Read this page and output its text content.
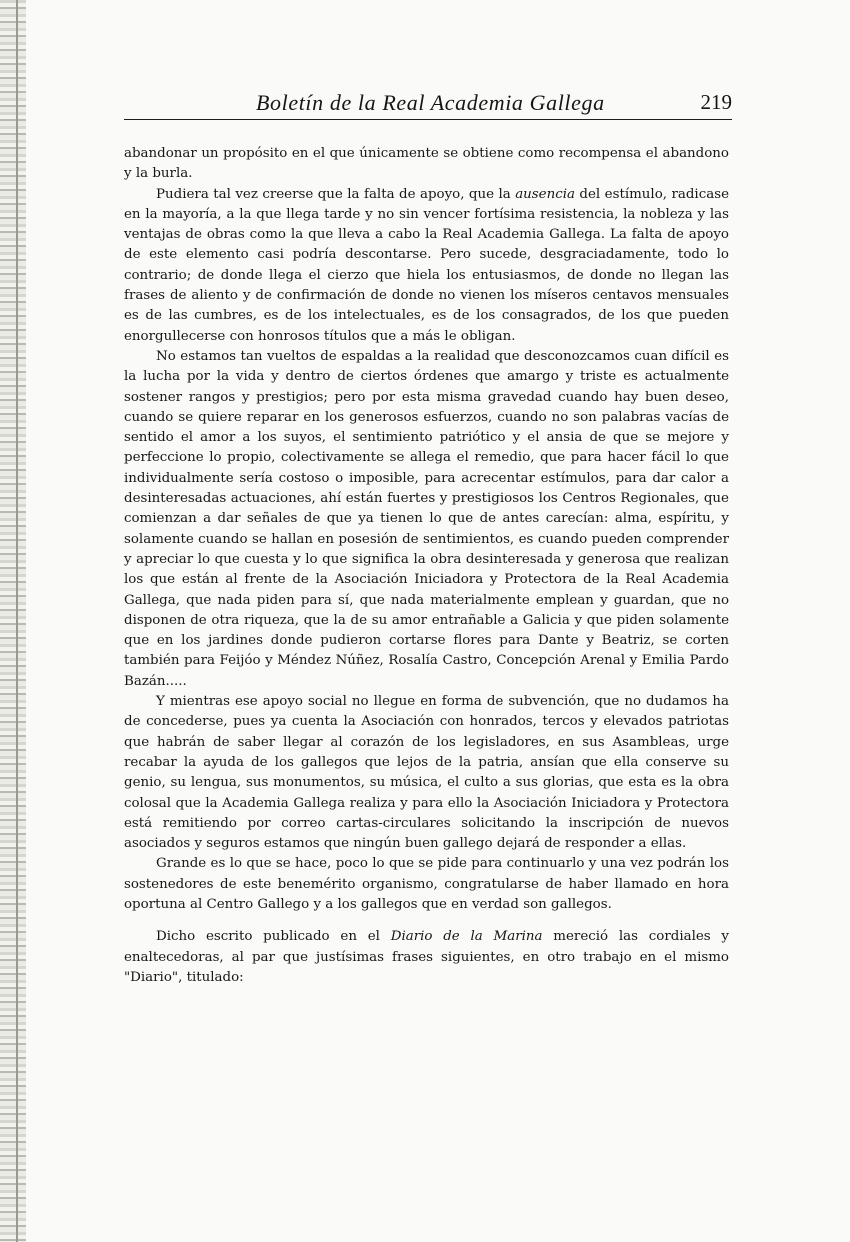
Boletín de la Real Academia Gallega	219

abandonar un propósito en el que únicamente se obtiene como recompensa el abandono y la burla.

Pudiera tal vez creerse que la falta de apoyo, que la ausencia del estímulo, radicase en la mayoría, a la que llega tarde y no sin vencer fortísima resistencia, la nobleza y las ventajas de obras como la que lleva a cabo la Real Academia Gallega. La falta de apoyo de este elemento casi podría descontarse. Pero sucede, desgraciadamente, todo lo contrario; de donde llega el cierzo que hiela los entusiasmos, de donde no llegan las frases de aliento y de confirmación de donde no vienen los míseros centavos mensuales es de las cumbres, es de los intelectuales, es de los consagrados, de los que pueden enorgullecerse con honrosos títulos que a más le obligan.

No estamos tan vueltos de espaldas a la realidad que desconozcamos cuan difícil es la lucha por la vida y dentro de ciertos órdenes que amargo y triste es actualmente sostener rangos y prestigios; pero por esta misma gravedad cuando hay buen deseo, cuando se quiere reparar en los generosos esfuerzos, cuando no son palabras vacías de sentido el amor a los suyos, el sentimiento patriótico y el ansia de que se mejore y perfeccione lo propio, colectivamente se allega el remedio, que para hacer fácil lo que individualmente sería costoso o imposible, para acrecentar estímulos, para dar calor a desinteresadas actuaciones, ahí están fuertes y prestigiosos los Centros Regionales, que comienzan a dar señales de que ya tienen lo que de antes carecían: alma, espíritu, y solamente cuando se hallan en posesión de sentimientos, es cuando pueden comprender y apreciar lo que cuesta y lo que significa la obra desinteresada y generosa que realizan los que están al frente de la Asociación Iniciadora y Protectora de la Real Academia Gallega, que nada piden para sí, que nada materialmente emplean y guardan, que no disponen de otra riqueza, que la de su amor entrañable a Galicia y que piden solamente que en los jardines donde pudieron cortarse flores para Dante y Beatriz, se corten también para Feijóo y Méndez Núñez, Rosalía Castro, Concepción Arenal y Emilia Pardo Bazán.....

Y mientras ese apoyo social no llegue en forma de subvención, que no dudamos ha de concederse, pues ya cuenta la Asociación con honrados, tercos y elevados patriotas que habrán de saber llegar al corazón de los legisladores, en sus Asambleas, urge recabar la ayuda de los gallegos que lejos de la patria, ansían que ella conserve su genio, su lengua, sus monumentos, su música, el culto a sus glorias, que esta es la obra colosal que la Academia Gallega realiza y para ello la Asociación Iniciadora y Protectora está remitiendo por correo cartas-circulares solicitando la inscripción de nuevos asociados y seguros estamos que ningún buen gallego dejará de responder a ellas.

Grande es lo que se hace, poco lo que se pide para continuarlo y una vez podrán los sostenedores de este benemérito organismo, congratularse de haber llamado en hora oportuna al Centro Gallego y a los gallegos que en verdad son gallegos.

Dicho escrito publicado en el Diario de la Marina mereció las cordiales y enaltecedoras, al par que justísimas frases siguientes, en otro trabajo en el mismo "Diario", titulado:
